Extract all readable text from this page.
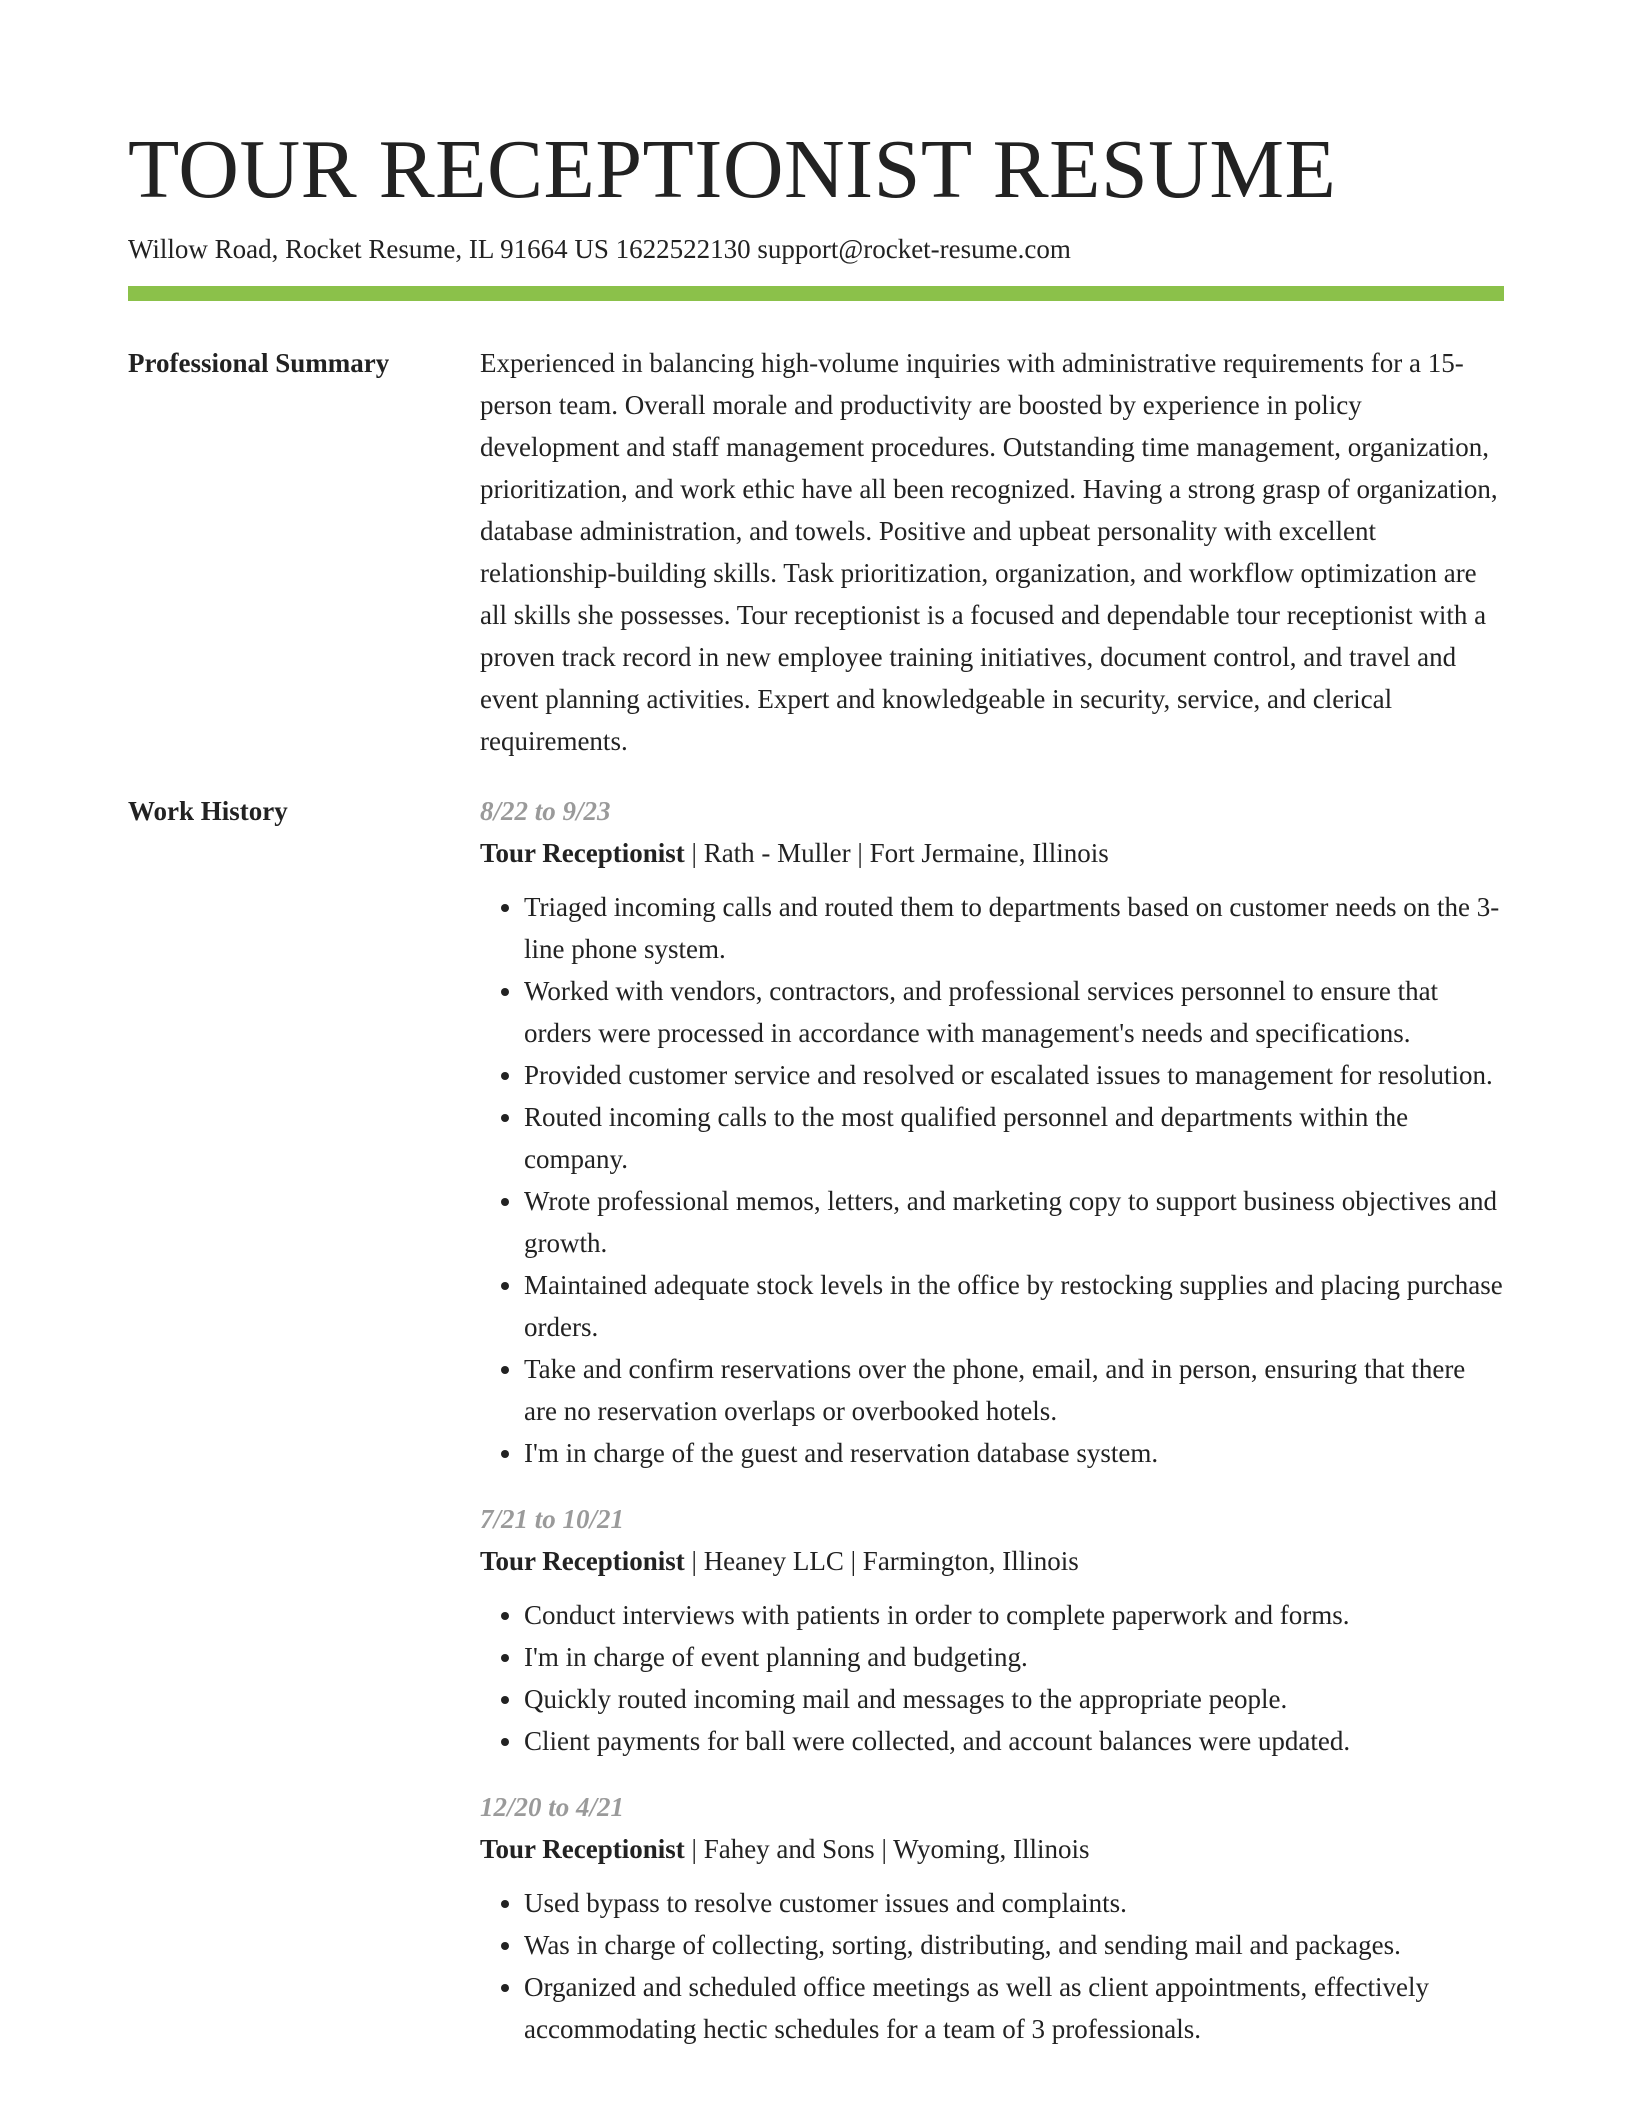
TOUR RECEPTIONIST RESUME
Willow Road, Rocket Resume, IL 91664 US 1622522130 support@rocket-resume.com
Professional Summary	Experienced in balancing high-volume inquiries with administrative requirements for a 15-person team. Overall morale and productivity are boosted by experience in policy development and staff management procedures. Outstanding time management, organization, prioritization, and work ethic have all been recognized. Having a strong grasp of organization, database administration, and towels. Positive and upbeat personality with excellent relationship-building skills. Task prioritization, organization, and workflow optimization are all skills she possesses. Tour receptionist is a focused and dependable tour receptionist with a proven track record in new employee training initiatives, document control, and travel and event planning activities. Expert and knowledgeable in security, service, and clerical requirements.

Work History	8/22 to 9/23
Tour Receptionist | Rath - Muller | Fort Jermaine, Illinois
• Triaged incoming calls and routed them to departments based on customer needs on the 3-line phone system.
• Worked with vendors, contractors, and professional services personnel to ensure that orders were processed in accordance with management's needs and specifications.
• Provided customer service and resolved or escalated issues to management for resolution.
• Routed incoming calls to the most qualified personnel and departments within the company.
• Wrote professional memos, letters, and marketing copy to support business objectives and growth.
• Maintained adequate stock levels in the office by restocking supplies and placing purchase orders.
• Take and confirm reservations over the phone, email, and in person, ensuring that there are no reservation overlaps or overbooked hotels.
• I'm in charge of the guest and reservation database system.
7/21 to 10/21
Tour Receptionist | Heaney LLC | Farmington, Illinois
• Conduct interviews with patients in order to complete paperwork and forms.
• I'm in charge of event planning and budgeting.
• Quickly routed incoming mail and messages to the appropriate people.
• Client payments for ball were collected, and account balances were updated.
12/20 to 4/21
Tour Receptionist | Fahey and Sons | Wyoming, Illinois
• Used bypass to resolve customer issues and complaints.
• Was in charge of collecting, sorting, distributing, and sending mail and packages.
• Organized and scheduled office meetings as well as client appointments, effectively accommodating hectic schedules for a team of 3 professionals.
